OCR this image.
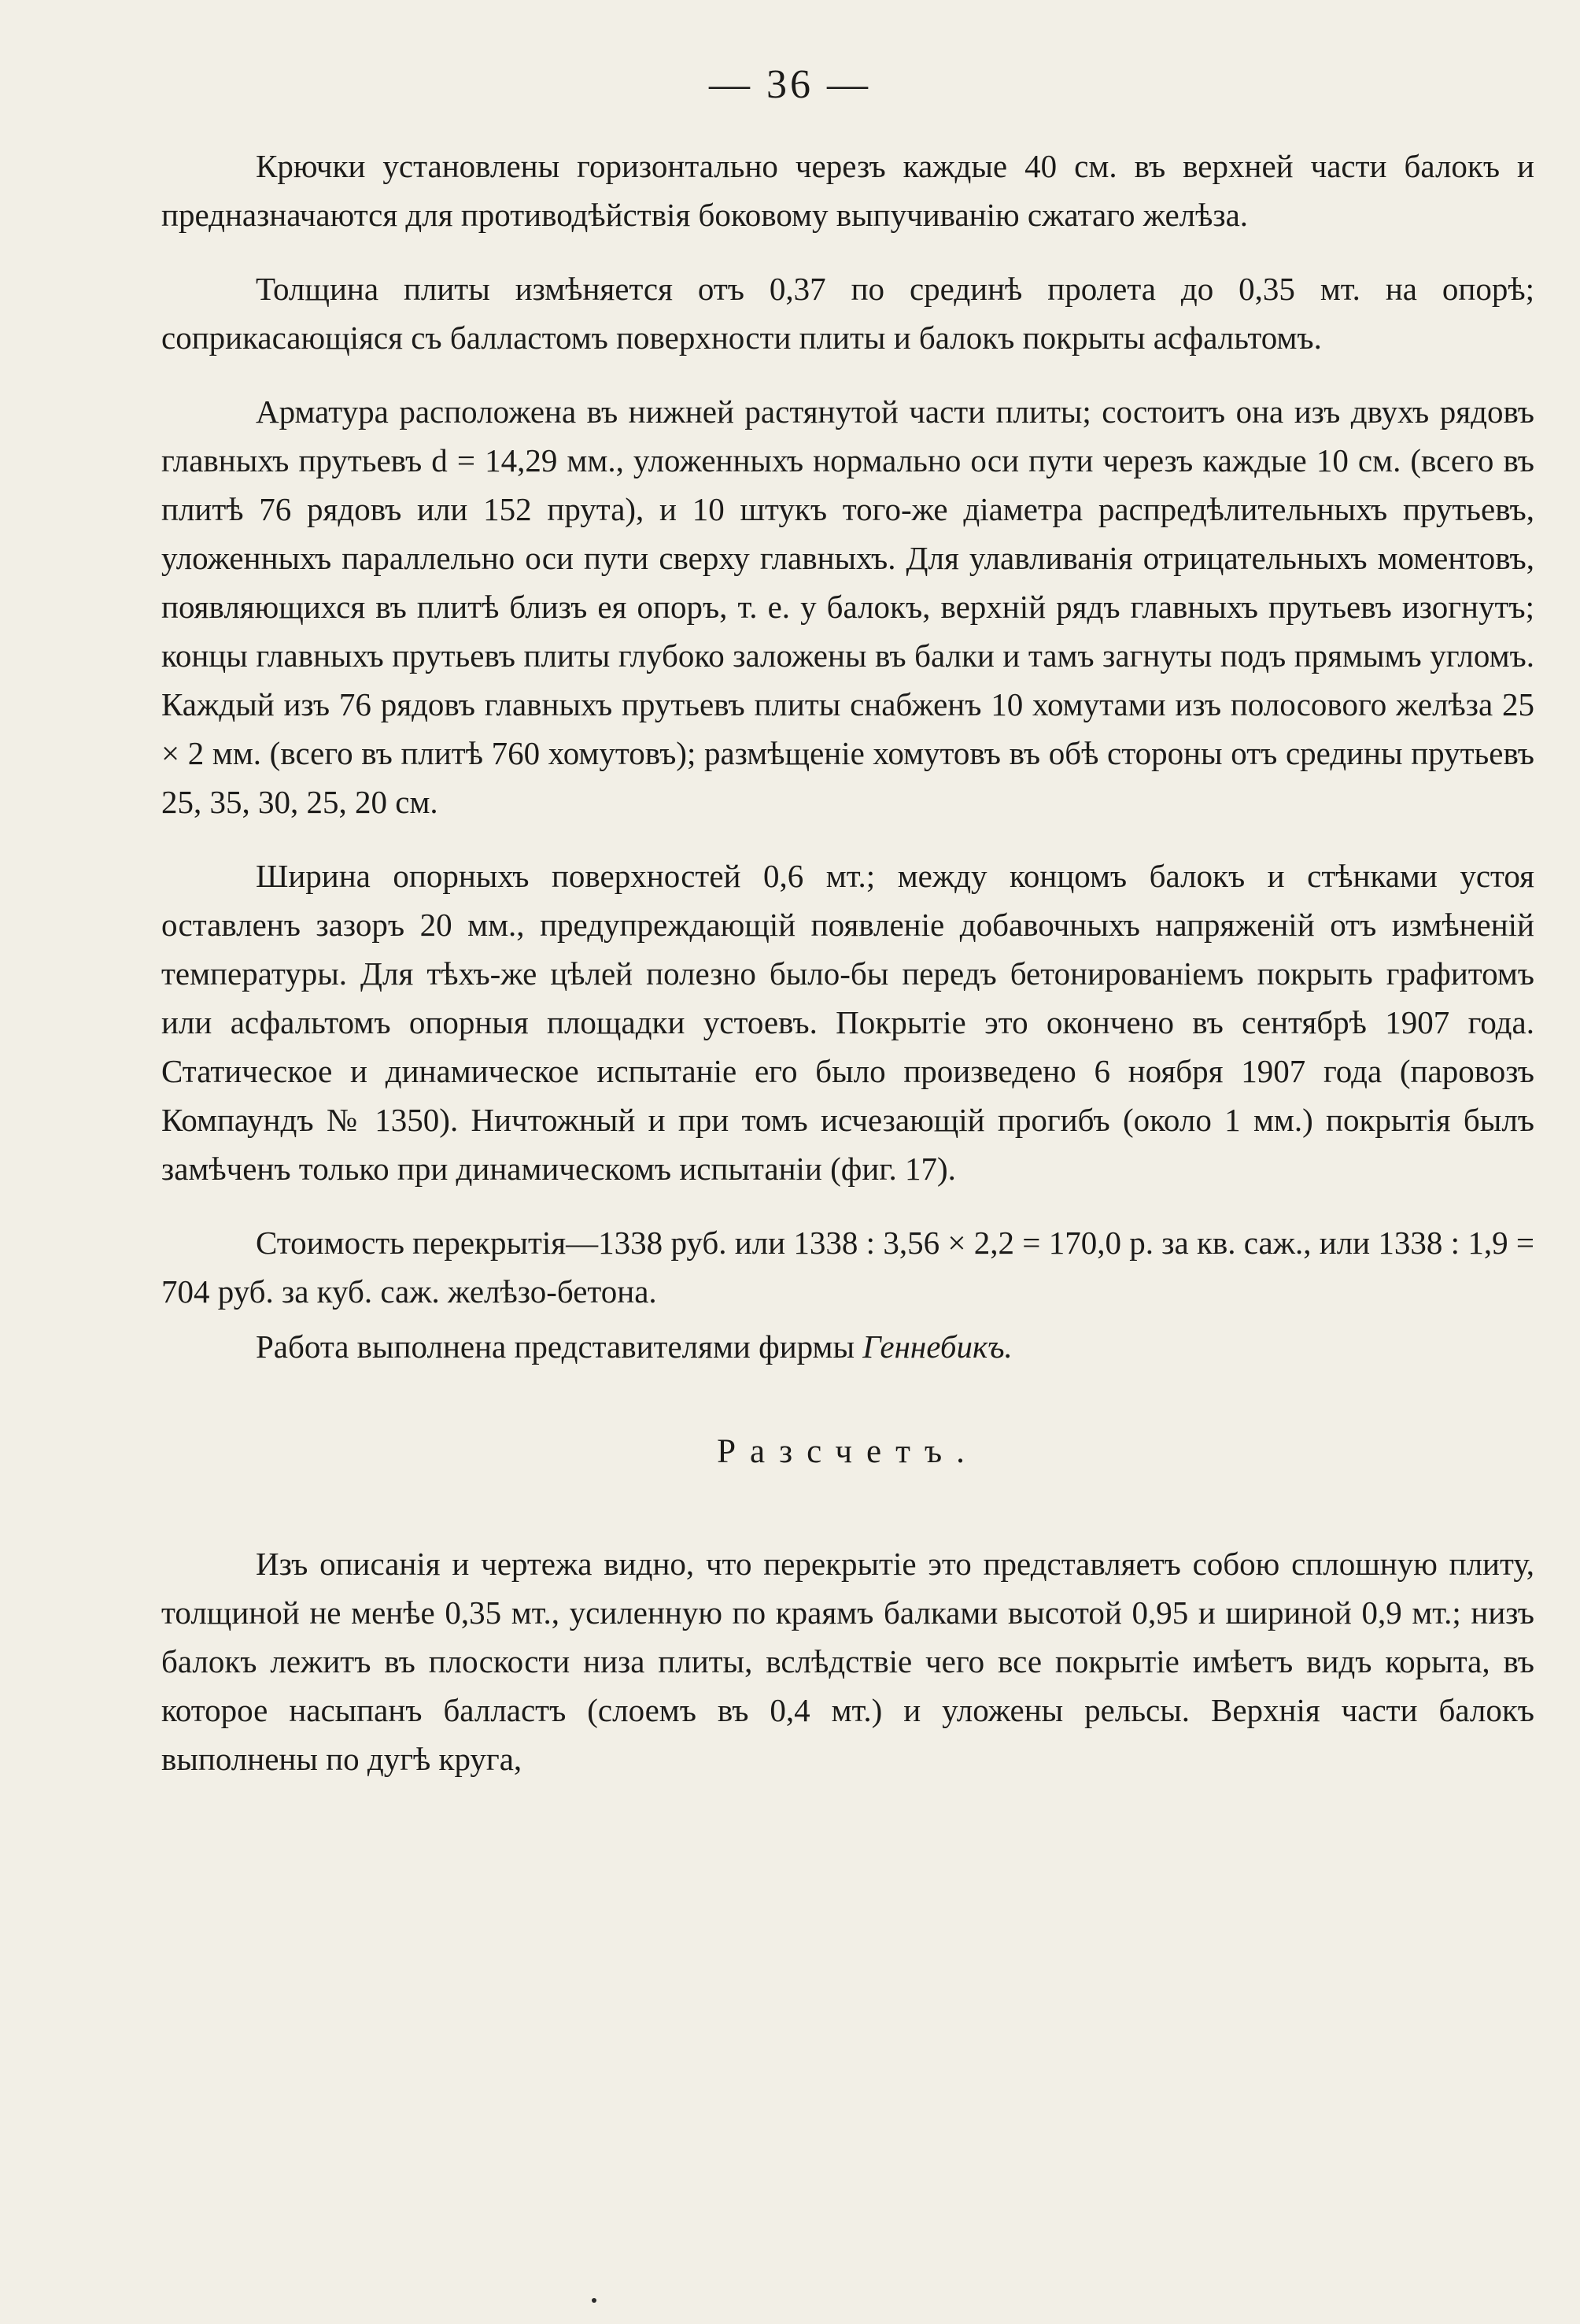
— 36 —

Крючки установлены горизонтально черезъ каждые 40 см. въ верхней части балокъ и предназначаются для противодѣйствія боковому выпучиванію сжатаго желѣза.

Толщина плиты измѣняется отъ 0,37 по срединѣ пролета до 0,35 мт. на опорѣ; соприкасающіяся съ балластомъ поверхности плиты и балокъ покрыты асфальтомъ.

Арматура расположена въ нижней растянутой части плиты; состоитъ она изъ двухъ рядовъ главныхъ прутьевъ d = 14,29 мм., уложенныхъ нормально оси пути черезъ каждые 10 см. (всего въ плитѣ 76 рядовъ или 152 прута), и 10 штукъ того-же діаметра распредѣлительныхъ прутьевъ, уложенныхъ параллельно оси пути сверху главныхъ. Для улавливанія отрицательныхъ моментовъ, появляющихся въ плитѣ близъ ея опоръ, т. е. у балокъ, верхній рядъ главныхъ прутьевъ изогнутъ; концы главныхъ прутьевъ плиты глубоко заложены въ балки и тамъ загнуты подъ прямымъ угломъ. Каждый изъ 76 рядовъ главныхъ прутьевъ плиты снабженъ 10 хомутами изъ полосового желѣза 25 × 2 мм. (всего въ плитѣ 760 хомутовъ); размѣщеніе хомутовъ въ обѣ стороны отъ средины прутьевъ 25, 35, 30, 25, 20 см.

Ширина опорныхъ поверхностей 0,6 мт.; между концомъ балокъ и стѣнками устоя оставленъ зазоръ 20 мм., предупреждающій появленіе добавочныхъ напряженій отъ измѣненій температуры. Для тѣхъ-же цѣлей полезно было-бы передъ бетонированіемъ покрыть графитомъ или асфальтомъ опорныя площадки устоевъ. Покрытіе это окончено въ сентябрѣ 1907 года. Статическое и динамическое испытаніе его было произведено 6 ноября 1907 года (паровозъ Компаундъ № 1350). Ничтожный и при томъ исчезающій прогибъ (около 1 мм.) покрытія былъ замѣченъ только при динамическомъ испытаніи (фиг. 17).

Стоимость перекрытія—1338 руб. или 1338 : 3,56 × 2,2 = 170,0 р. за кв. саж., или 1338 : 1,9 = 704 руб. за куб. саж. желѣзо-бетона.

Работа выполнена представителями фирмы Геннебикъ.

Разсчетъ.

Изъ описанія и чертежа видно, что перекрытіе это представляетъ собою сплошную плиту, толщиной не менѣе 0,35 мт., усиленную по краямъ балками высотой 0,95 и шириной 0,9 мт.; низъ балокъ лежитъ въ плоскости низа плиты, вслѣдствіе чего все покрытіе имѣетъ видъ корыта, въ которое насыпанъ балластъ (слоемъ въ 0,4 мт.) и уложены рельсы. Верхнія части балокъ выполнены по дугѣ круга,
